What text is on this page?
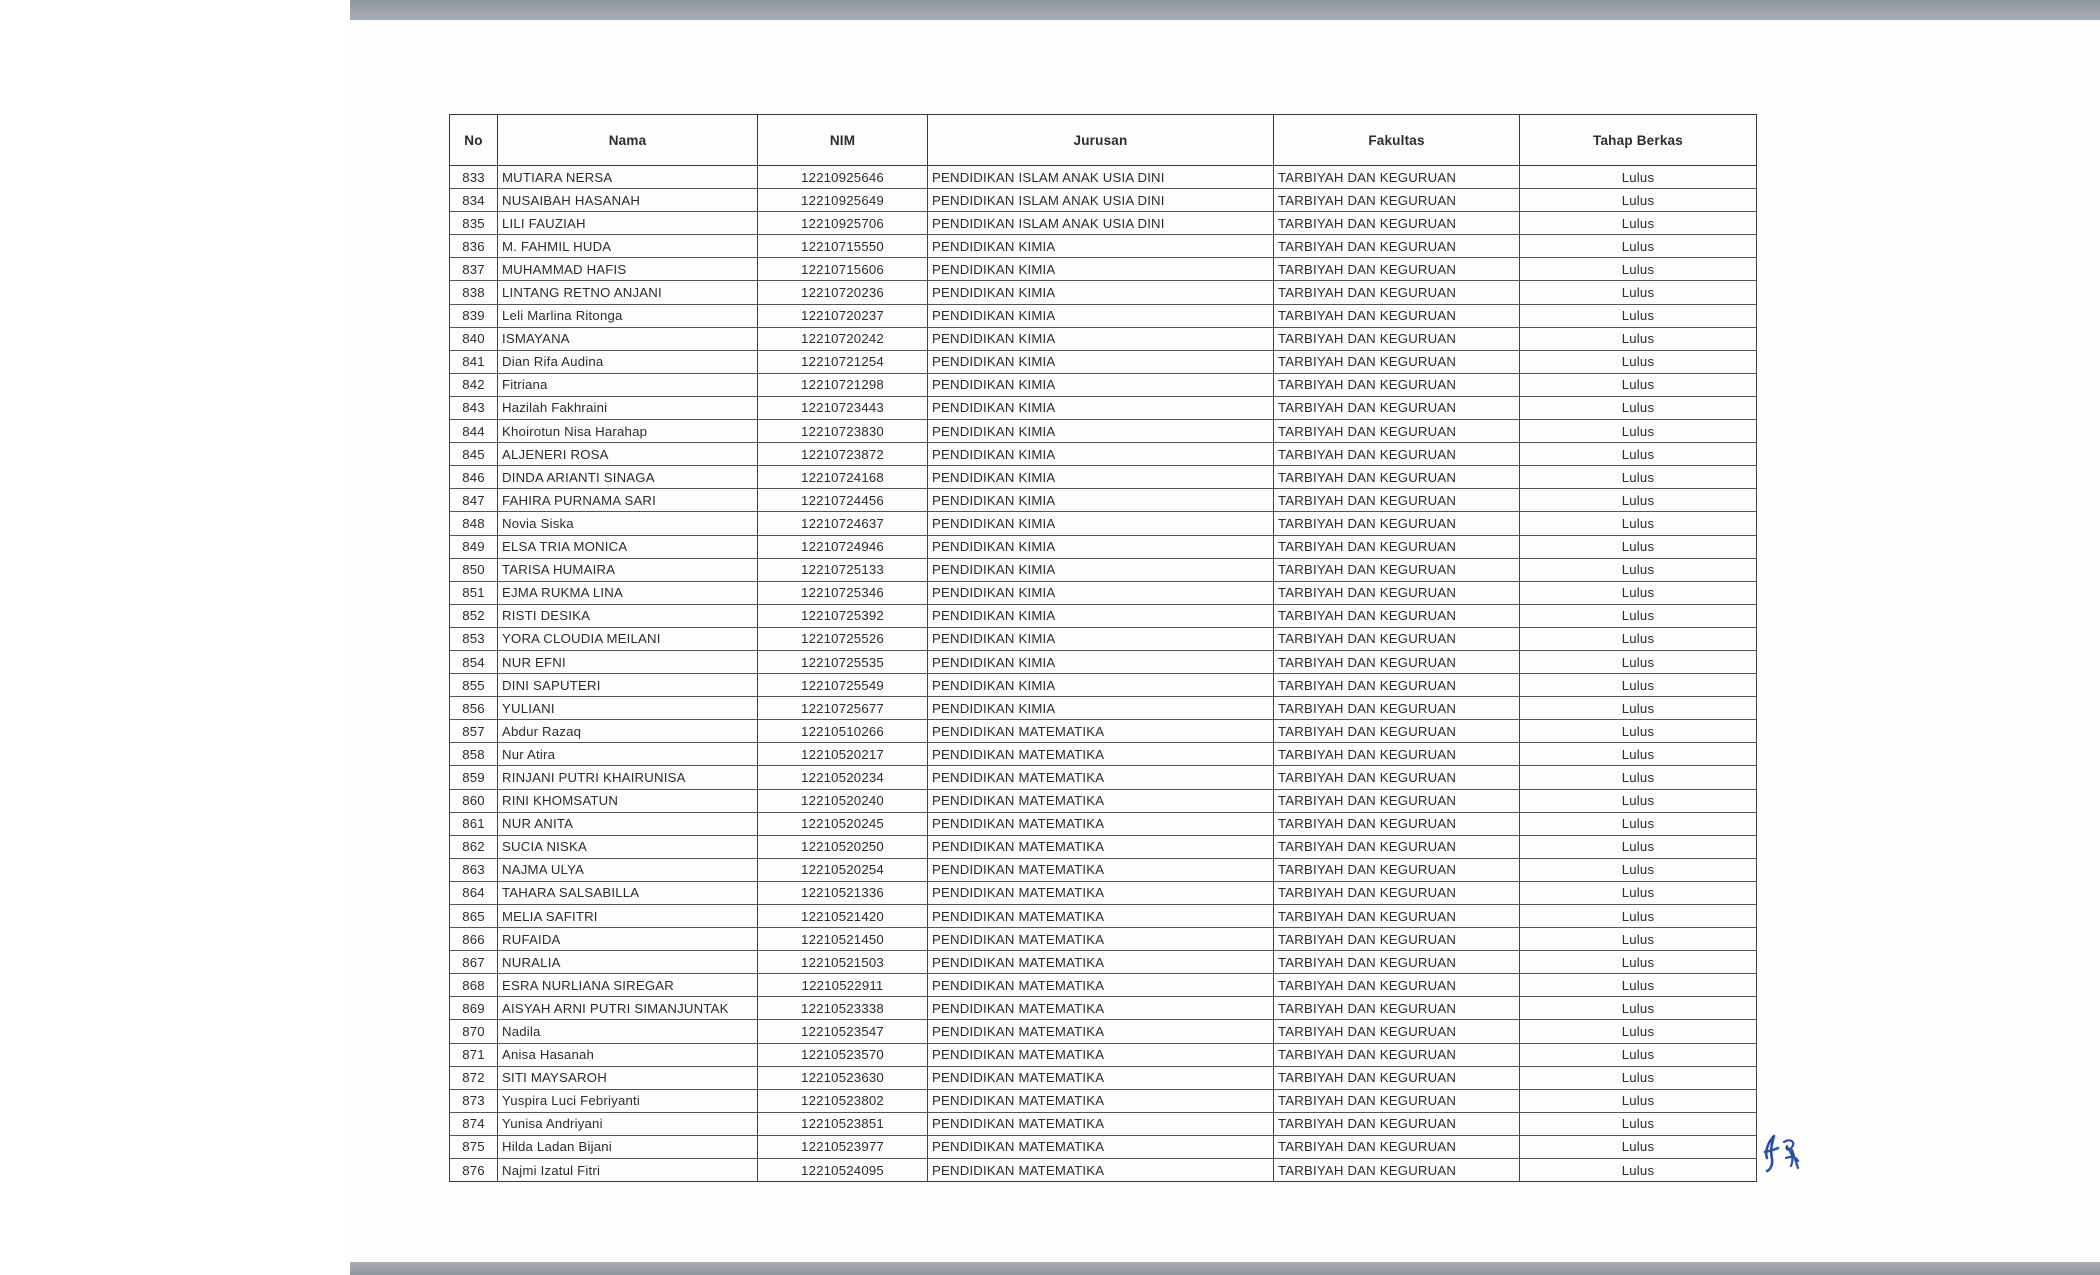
No	Nama	NIM	Jurusan	Fakultas	Tahap Berkas
833	MUTIARA NERSA	12210925646	PENDIDIKAN ISLAM ANAK USIA DINI	TARBIYAH DAN KEGURUAN	Lulus
834	NUSAIBAH HASANAH	12210925649	PENDIDIKAN ISLAM ANAK USIA DINI	TARBIYAH DAN KEGURUAN	Lulus
835	LILI FAUZIAH	12210925706	PENDIDIKAN ISLAM ANAK USIA DINI	TARBIYAH DAN KEGURUAN	Lulus
836	M. FAHMIL HUDA	12210715550	PENDIDIKAN KIMIA	TARBIYAH DAN KEGURUAN	Lulus
837	MUHAMMAD HAFIS	12210715606	PENDIDIKAN KIMIA	TARBIYAH DAN KEGURUAN	Lulus
838	LINTANG RETNO ANJANI	12210720236	PENDIDIKAN KIMIA	TARBIYAH DAN KEGURUAN	Lulus
839	Leli Marlina Ritonga	12210720237	PENDIDIKAN KIMIA	TARBIYAH DAN KEGURUAN	Lulus
840	ISMAYANA	12210720242	PENDIDIKAN KIMIA	TARBIYAH DAN KEGURUAN	Lulus
841	Dian Rifa Audina	12210721254	PENDIDIKAN KIMIA	TARBIYAH DAN KEGURUAN	Lulus
842	Fitriana	12210721298	PENDIDIKAN KIMIA	TARBIYAH DAN KEGURUAN	Lulus
843	Hazilah Fakhraini	12210723443	PENDIDIKAN KIMIA	TARBIYAH DAN KEGURUAN	Lulus
844	Khoirotun Nisa Harahap	12210723830	PENDIDIKAN KIMIA	TARBIYAH DAN KEGURUAN	Lulus
845	ALJENERI ROSA	12210723872	PENDIDIKAN KIMIA	TARBIYAH DAN KEGURUAN	Lulus
846	DINDA ARIANTI SINAGA	12210724168	PENDIDIKAN KIMIA	TARBIYAH DAN KEGURUAN	Lulus
847	FAHIRA PURNAMA SARI	12210724456	PENDIDIKAN KIMIA	TARBIYAH DAN KEGURUAN	Lulus
848	Novia Siska	12210724637	PENDIDIKAN KIMIA	TARBIYAH DAN KEGURUAN	Lulus
849	ELSA TRIA MONICA	12210724946	PENDIDIKAN KIMIA	TARBIYAH DAN KEGURUAN	Lulus
850	TARISA HUMAIRA	12210725133	PENDIDIKAN KIMIA	TARBIYAH DAN KEGURUAN	Lulus
851	EJMA RUKMA LINA	12210725346	PENDIDIKAN KIMIA	TARBIYAH DAN KEGURUAN	Lulus
852	RISTI DESIKA	12210725392	PENDIDIKAN KIMIA	TARBIYAH DAN KEGURUAN	Lulus
853	YORA CLOUDIA MEILANI	12210725526	PENDIDIKAN KIMIA	TARBIYAH DAN KEGURUAN	Lulus
854	NUR EFNI	12210725535	PENDIDIKAN KIMIA	TARBIYAH DAN KEGURUAN	Lulus
855	DINI SAPUTERI	12210725549	PENDIDIKAN KIMIA	TARBIYAH DAN KEGURUAN	Lulus
856	YULIANI	12210725677	PENDIDIKAN KIMIA	TARBIYAH DAN KEGURUAN	Lulus
857	Abdur Razaq	12210510266	PENDIDIKAN MATEMATIKA	TARBIYAH DAN KEGURUAN	Lulus
858	Nur Atira	12210520217	PENDIDIKAN MATEMATIKA	TARBIYAH DAN KEGURUAN	Lulus
859	RINJANI PUTRI KHAIRUNISA	12210520234	PENDIDIKAN MATEMATIKA	TARBIYAH DAN KEGURUAN	Lulus
860	RINI KHOMSATUN	12210520240	PENDIDIKAN MATEMATIKA	TARBIYAH DAN KEGURUAN	Lulus
861	NUR ANITA	12210520245	PENDIDIKAN MATEMATIKA	TARBIYAH DAN KEGURUAN	Lulus
862	SUCIA NISKA	12210520250	PENDIDIKAN MATEMATIKA	TARBIYAH DAN KEGURUAN	Lulus
863	NAJMA ULYA	12210520254	PENDIDIKAN MATEMATIKA	TARBIYAH DAN KEGURUAN	Lulus
864	TAHARA SALSABILLA	12210521336	PENDIDIKAN MATEMATIKA	TARBIYAH DAN KEGURUAN	Lulus
865	MELIA SAFITRI	12210521420	PENDIDIKAN MATEMATIKA	TARBIYAH DAN KEGURUAN	Lulus
866	RUFAIDA	12210521450	PENDIDIKAN MATEMATIKA	TARBIYAH DAN KEGURUAN	Lulus
867	NURALIA	12210521503	PENDIDIKAN MATEMATIKA	TARBIYAH DAN KEGURUAN	Lulus
868	ESRA NURLIANA SIREGAR	12210522911	PENDIDIKAN MATEMATIKA	TARBIYAH DAN KEGURUAN	Lulus
869	AISYAH ARNI PUTRI SIMANJUNTAK	12210523338	PENDIDIKAN MATEMATIKA	TARBIYAH DAN KEGURUAN	Lulus
870	Nadila	12210523547	PENDIDIKAN MATEMATIKA	TARBIYAH DAN KEGURUAN	Lulus
871	Anisa Hasanah	12210523570	PENDIDIKAN MATEMATIKA	TARBIYAH DAN KEGURUAN	Lulus
872	SITI MAYSAROH	12210523630	PENDIDIKAN MATEMATIKA	TARBIYAH DAN KEGURUAN	Lulus
873	Yuspira Luci Febriyanti	12210523802	PENDIDIKAN MATEMATIKA	TARBIYAH DAN KEGURUAN	Lulus
874	Yunisa Andriyani	12210523851	PENDIDIKAN MATEMATIKA	TARBIYAH DAN KEGURUAN	Lulus
875	Hilda Ladan Bijani	12210523977	PENDIDIKAN MATEMATIKA	TARBIYAH DAN KEGURUAN	Lulus
876	Najmi Izatul Fitri	12210524095	PENDIDIKAN MATEMATIKA	TARBIYAH DAN KEGURUAN	Lulus
